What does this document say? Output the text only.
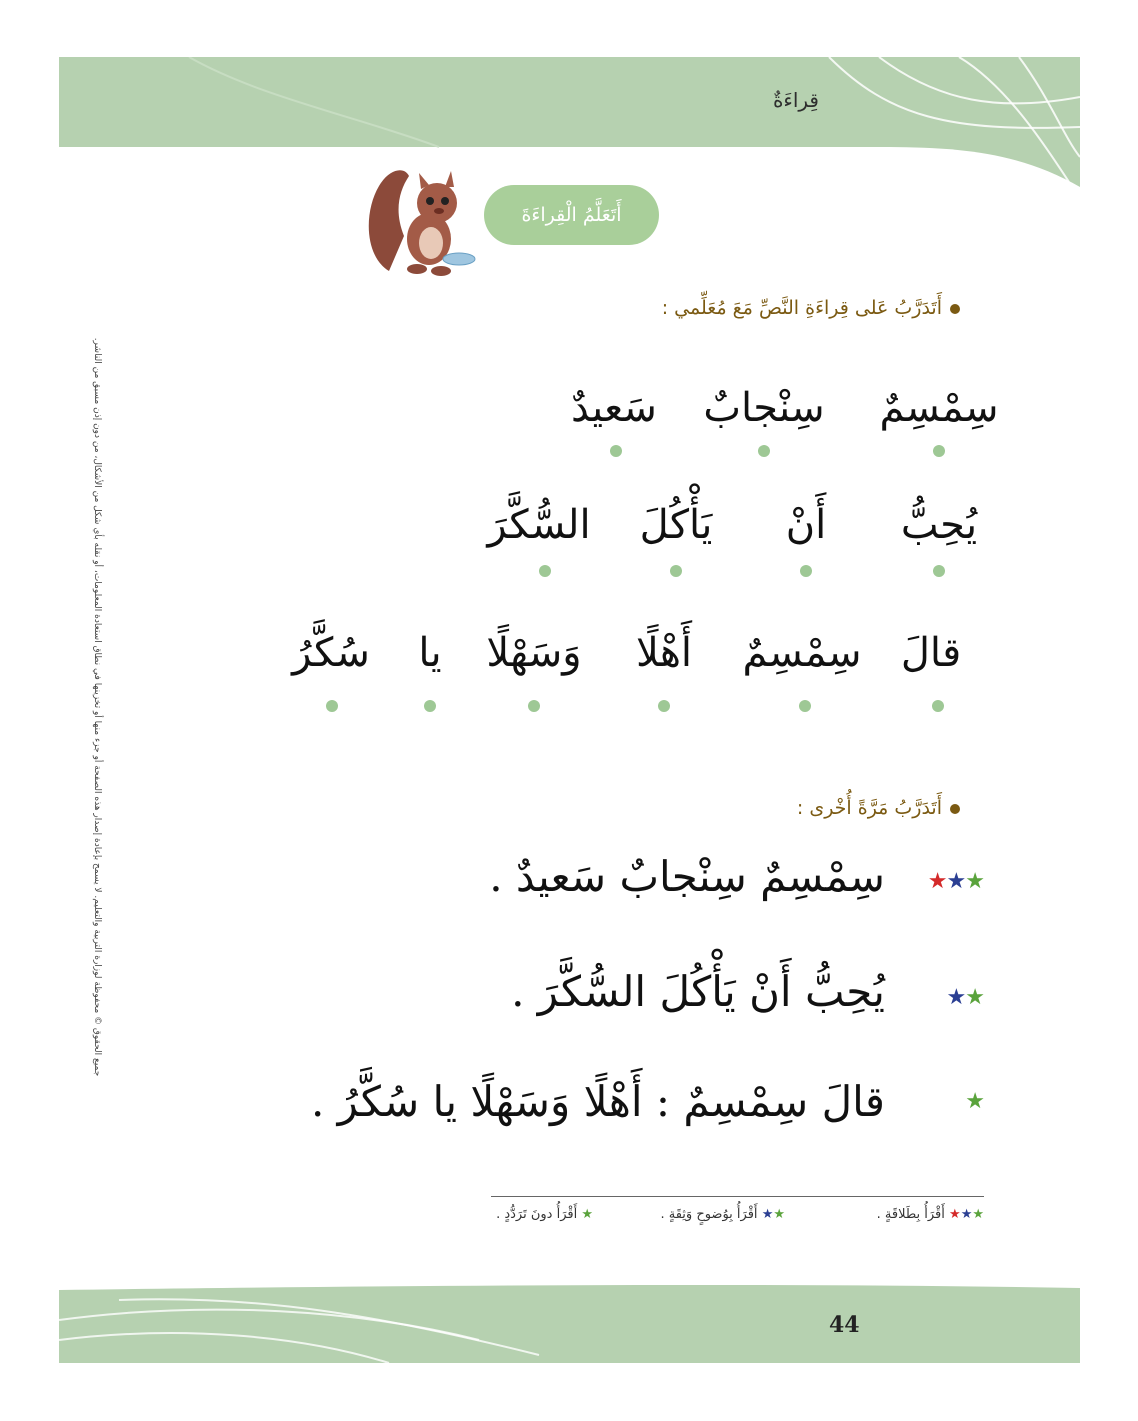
قِراءَةٌ
أَتَعَلَّمُ الْقِراءَةَ
أَتَدَرَّبُ عَلى قِراءَةِ النَّصِّ مَعَ مُعَلِّمي :
سِمْسِمٌ
سِنْجابٌ
سَعيدٌ
يُحِبُّ
أَنْ
يَأْكُلَ
السُّكَّرَ
قالَ
سِمْسِمٌ
أَهْلًا
وَسَهْلًا
يا
سُكَّرُ
أَتَدَرَّبُ مَرَّةً أُخْرى :
★★★
سِمْسِمٌ سِنْجابٌ سَعيدٌ .
★★
يُحِبُّ أَنْ يَأْكُلَ السُّكَّرَ .
★
قالَ سِمْسِمٌ : أَهْلًا وَسَهْلًا يا سُكَّرُ .
★★★ أَقْرَأُ بِطَلاقَةٍ .
★★ أَقْرَأُ بِوُضوحٍ وَثِقَةٍ .
★ أَقْرَأُ دونَ تَرَدُّدٍ .
جميع الحقوق © محفوظة لوزارة التربية والتعليم. لا يسمح بإعادة إصدار هذه الصفحة أو جزء منها أو تخزينها في نطاق استعادة المعلومات، أو نقله بأي شكل من الأشكال، من دون إذن مسبق من الناشر.
44
